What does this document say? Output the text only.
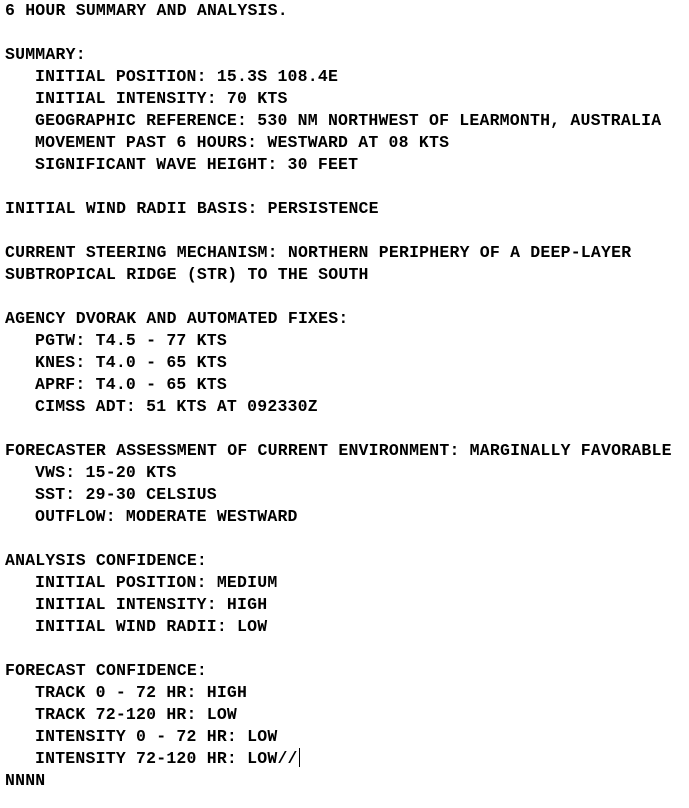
6 HOUR SUMMARY AND ANALYSIS.
SUMMARY:
INITIAL POSITION: 15.3S 108.4E
INITIAL INTENSITY: 70 KTS
GEOGRAPHIC REFERENCE: 530 NM NORTHWEST OF LEARMONTH, AUSTRALIA
MOVEMENT PAST 6 HOURS: WESTWARD AT 08 KTS
SIGNIFICANT WAVE HEIGHT: 30 FEET
INITIAL WIND RADII BASIS: PERSISTENCE
CURRENT STEERING MECHANISM: NORTHERN PERIPHERY OF A DEEP-LAYER
SUBTROPICAL RIDGE (STR) TO THE SOUTH
AGENCY DVORAK AND AUTOMATED FIXES:
PGTW: T4.5 - 77 KTS
KNES: T4.0 - 65 KTS
APRF: T4.0 - 65 KTS
CIMSS ADT: 51 KTS AT 092330Z
FORECASTER ASSESSMENT OF CURRENT ENVIRONMENT: MARGINALLY FAVORABLE
VWS: 15-20 KTS
SST: 29-30 CELSIUS
OUTFLOW: MODERATE WESTWARD
ANALYSIS CONFIDENCE:
INITIAL POSITION: MEDIUM
INITIAL INTENSITY: HIGH
INITIAL WIND RADII: LOW
FORECAST CONFIDENCE:
TRACK 0 - 72 HR: HIGH
TRACK 72-120 HR: LOW
INTENSITY 0 - 72 HR: LOW
INTENSITY 72-120 HR: LOW//
NNNN
